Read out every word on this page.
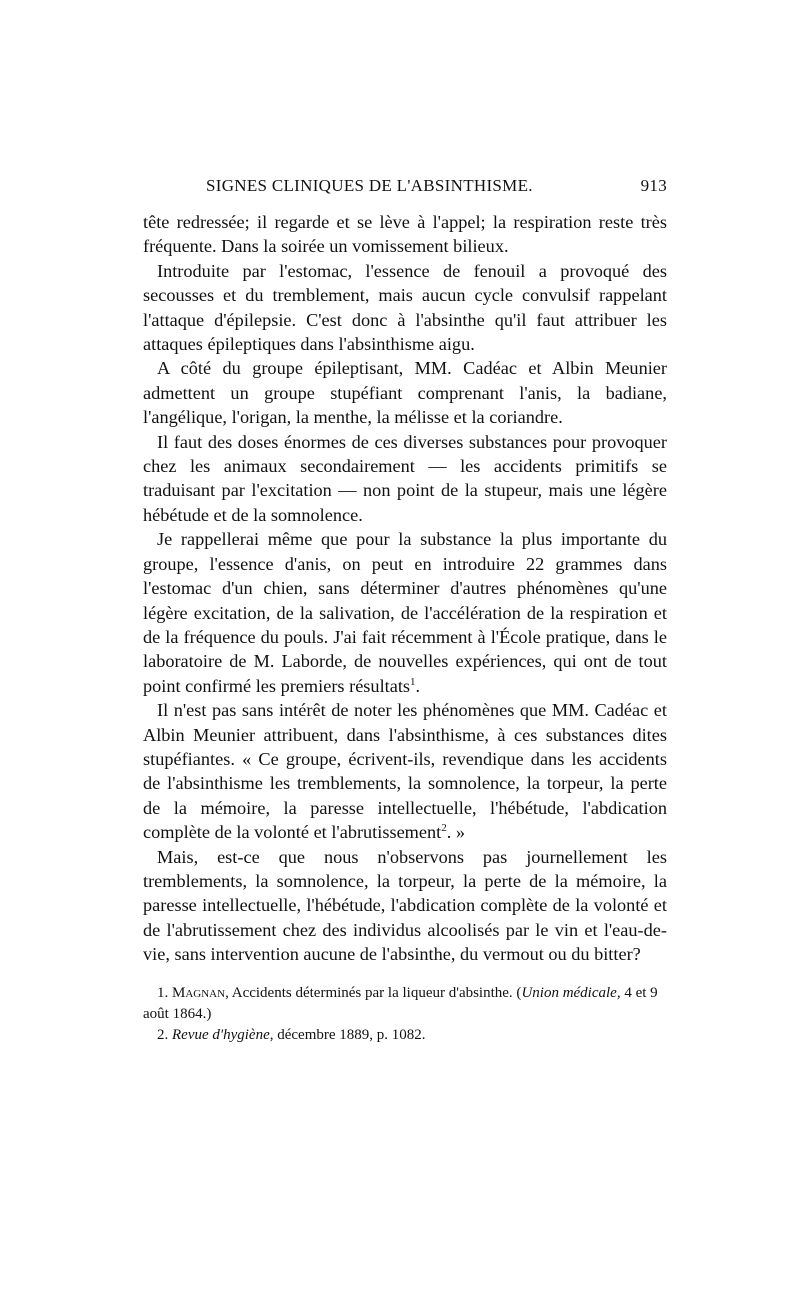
SIGNES CLINIQUES DE L'ABSINTHISME.	913

tête redressée; il regarde et se lève à l'appel; la respiration reste très fréquente. Dans la soirée un vomissement bilieux.

Introduite par l'estomac, l'essence de fenouil a provoqué des secousses et du tremblement, mais aucun cycle convulsif rappelant l'attaque d'épilepsie. C'est donc à l'absinthe qu'il faut attribuer les attaques épileptiques dans l'absinthisme aigu.

A côté du groupe épileptisant, MM. Cadéac et Albin Meunier admettent un groupe stupéfiant comprenant l'anis, la badiane, l'angélique, l'origan, la menthe, la mélisse et la coriandre.

Il faut des doses énormes de ces diverses substances pour provoquer chez les animaux secondairement — les accidents primitifs se traduisant par l'excitation — non point de la stupeur, mais une légère hébétude et de la somnolence.

Je rappellerai même que pour la substance la plus importante du groupe, l'essence d'anis, on peut en introduire 22 grammes dans l'estomac d'un chien, sans déterminer d'autres phénomènes qu'une légère excitation, de la salivation, de l'accélération de la respiration et de la fréquence du pouls. J'ai fait récemment à l'École pratique, dans le laboratoire de M. Laborde, de nouvelles expériences, qui ont de tout point confirmé les premiers résultats$^1$.

Il n'est pas sans intérêt de noter les phénomènes que MM. Cadéac et Albin Meunier attribuent, dans l'absinthisme, à ces substances dites stupéfiantes. « Ce groupe, écrivent-ils, revendique dans les accidents de l'absinthisme les tremblements, la somnolence, la torpeur, la perte de la mémoire, la paresse intellectuelle, l'hébétude, l'abdication complète de la volonté et l'abrutissement$^2$. »

Mais, est-ce que nous n'observons pas journellement les tremblements, la somnolence, la torpeur, la perte de la mémoire, la paresse intellectuelle, l'hébétude, l'abdication complète de la volonté et de l'abrutissement chez des individus alcoolisés par le vin et l'eau-de-vie, sans intervention aucune de l'absinthe, du vermout ou du bitter?

1. Magnan, Accidents déterminés par la liqueur d'absinthe. (Union médicale, 4 et 9 août 1864.)

2. Revue d'hygiène, décembre 1889, p. 1082.
